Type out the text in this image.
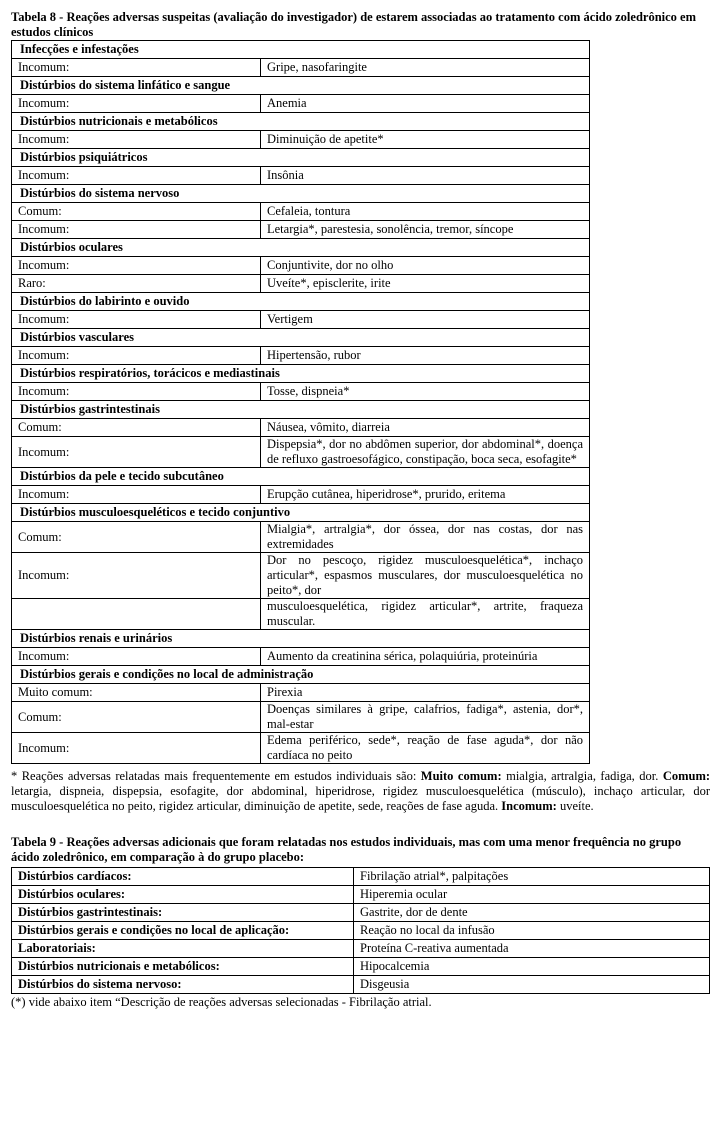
Tabela 8 - Reações adversas suspeitas (avaliação do investigador) de estarem associadas ao tratamento com ácido zoledrônico em estudos clínicos
Infecções e infestações	
Incomum:	Gripe, nasofaringite
Distúrbios do sistema linfático e sangue	
Incomum:	Anemia
Distúrbios nutricionais e metabólicos	
Incomum:	Diminuição de apetite*
Distúrbios psiquiátricos	
Incomum:	Insônia
Distúrbios do sistema nervoso	
Comum:	Cefaleia, tontura
Incomum:	Letargia*, parestesia, sonolência, tremor, síncope
Distúrbios oculares	
Incomum:	Conjuntivite, dor no olho
Raro:	Uveíte*, episclerite, irite
Distúrbios do labirinto e ouvido	
Incomum:	Vertigem
Distúrbios vasculares	
Incomum:	Hipertensão, rubor
Distúrbios respiratórios, torácicos e mediastinais	
Incomum:	Tosse, dispneia*
Distúrbios gastrintestinais	
Comum:	Náusea, vômito, diarreia
Incomum:	Dispepsia*, dor no abdômen superior, dor abdominal*, doença de refluxo gastroesofágico, constipação, boca seca, esofagite*
Distúrbios da pele e tecido subcutâneo	
Incomum:	Erupção cutânea, hiperidrose*, prurido, eritema
Distúrbios musculoesqueléticos e tecido conjuntivo	
Comum:	Mialgia*, artralgia*, dor óssea, dor nas costas, dor nas extremidades
Incomum:	Dor no pescoço, rigidez musculoesquelética*, inchaço articular*, espasmos musculares, dor musculoesquelética no peito*, dor
	musculoesquelética, rigidez articular*, artrite, fraqueza muscular.
Distúrbios renais e urinários	
Incomum:	Aumento da creatinina sérica, polaquiúria, proteinúria
Distúrbios gerais e condições no local de administração	
Muito comum:	Pirexia
Comum:	Doenças similares à gripe, calafrios, fadiga*, astenia, dor*, mal-estar
Incomum:	Edema periférico, sede*, reação de fase aguda*, dor não cardíaca no peito
* Reações adversas relatadas mais frequentemente em estudos individuais são: Muito comum: mialgia, artralgia, fadiga, dor. Comum: letargia, dispneia, dispepsia, esofagite, dor abdominal, hiperidrose, rigidez musculoesquelética (músculo), inchaço articular, dor musculoesquelética no peito, rigidez articular, diminuição de apetite, sede, reações de fase aguda. Incomum: uveíte.
Tabela 9 - Reações adversas adicionais que foram relatadas nos estudos individuais, mas com uma menor frequência no grupo ácido zoledrônico, em comparação à do grupo placebo:
Distúrbios cardíacos:	Fibrilação atrial*, palpitações
Distúrbios oculares:	Hiperemia ocular
Distúrbios gastrintestinais:	Gastrite, dor de dente
Distúrbios gerais e condições no local de aplicação:	Reação no local da infusão
Laboratoriais:	Proteína C-reativa aumentada
Distúrbios nutricionais e metabólicos:	Hipocalcemia
Distúrbios do sistema nervoso:	Disgeusia
(*) vide abaixo item “Descrição de reações adversas selecionadas - Fibrilação atrial.
